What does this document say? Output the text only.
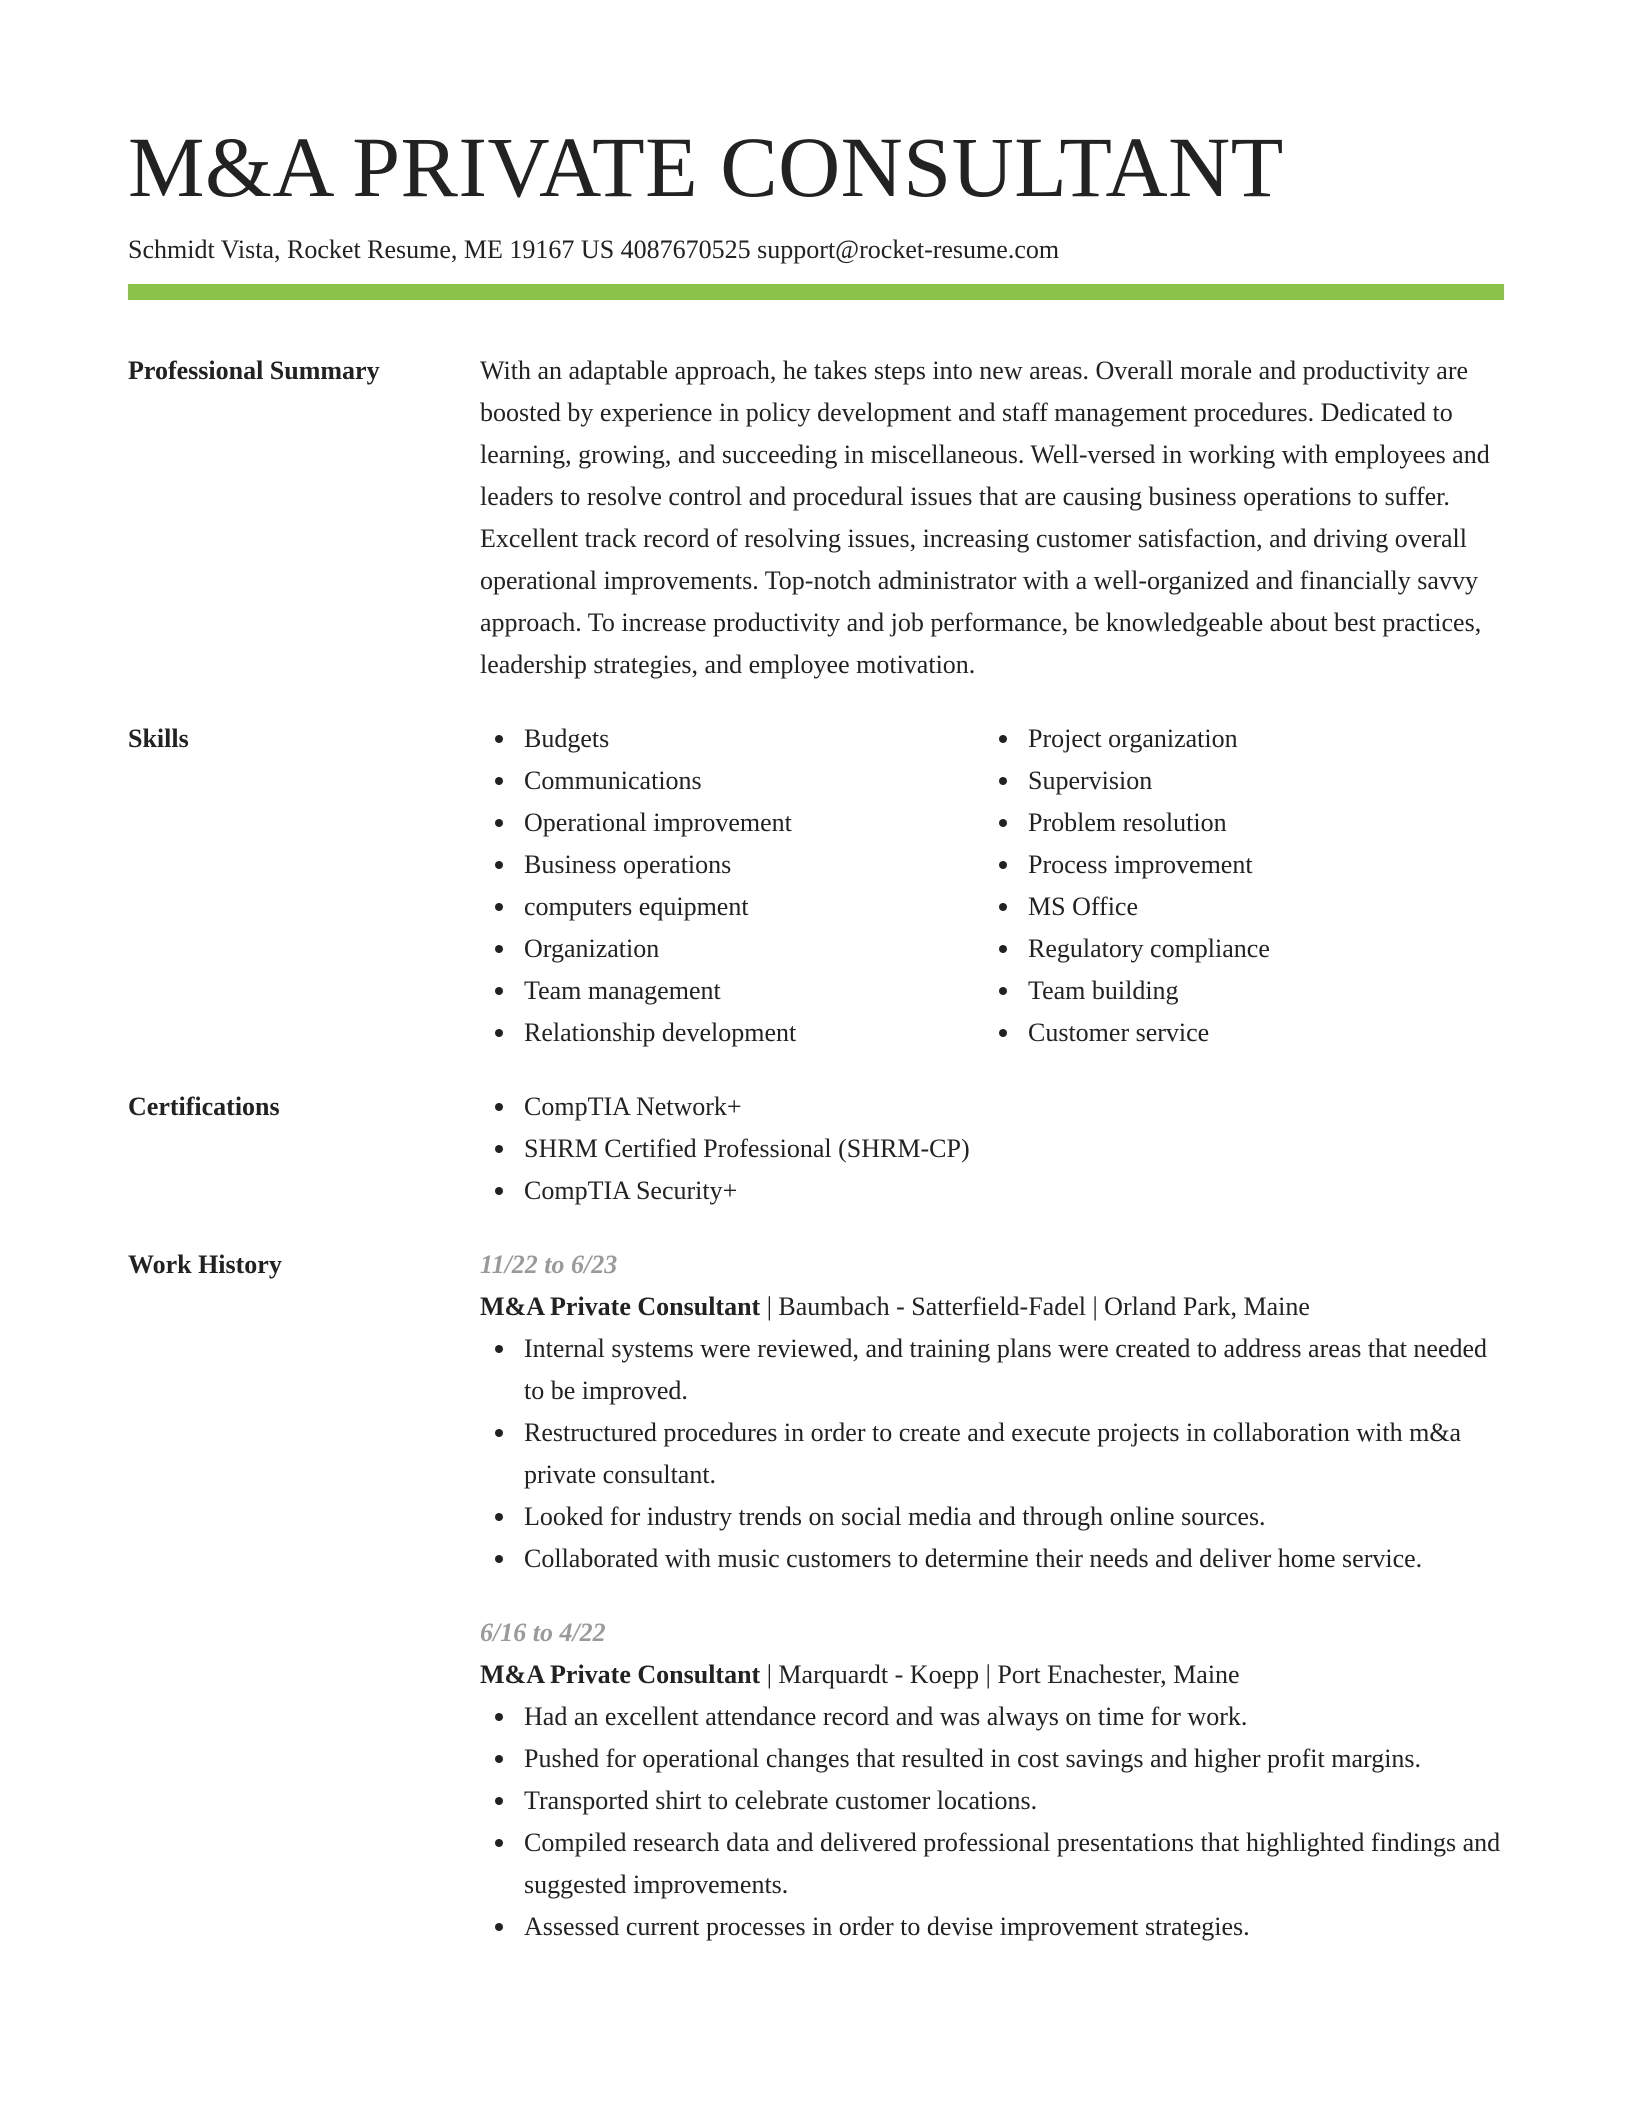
M&A PRIVATE CONSULTANT
Schmidt Vista, Rocket Resume, ME 19167 US 4087670525 support@rocket-resume.com
Professional Summary	With an adaptable approach, he takes steps into new areas. Overall morale and productivity are boosted by experience in policy development and staff management procedures. Dedicated to learning, growing, and succeeding in miscellaneous. Well-versed in working with employees and leaders to resolve control and procedural issues that are causing business operations to suffer. Excellent track record of resolving issues, increasing customer satisfaction, and driving overall operational improvements. Top-notch administrator with a well-organized and financially savvy approach. To increase productivity and job performance, be knowledgeable about best practices, leadership strategies, and employee motivation.
Skills	Budgets
Communications
Operational improvement
Business operations
computers equipment
Organization
Team management
Relationship development
Project organization
Supervision
Problem resolution
Process improvement
MS Office
Regulatory compliance
Team building
Customer service
Certifications	CompTIA Network+
SHRM Certified Professional (SHRM-CP)
CompTIA Security+
Work History	11/22 to 6/23
M&A Private Consultant | Baumbach - Satterfield-Fadel | Orland Park, Maine
Internal systems were reviewed, and training plans were created to address areas that needed to be improved.
Restructured procedures in order to create and execute projects in collaboration with m&a private consultant.
Looked for industry trends on social media and through online sources.
Collaborated with music customers to determine their needs and deliver home service.
6/16 to 4/22
M&A Private Consultant | Marquardt - Koepp | Port Enachester, Maine
Had an excellent attendance record and was always on time for work.
Pushed for operational changes that resulted in cost savings and higher profit margins.
Transported shirt to celebrate customer locations.
Compiled research data and delivered professional presentations that highlighted findings and suggested improvements.
Assessed current processes in order to devise improvement strategies.
